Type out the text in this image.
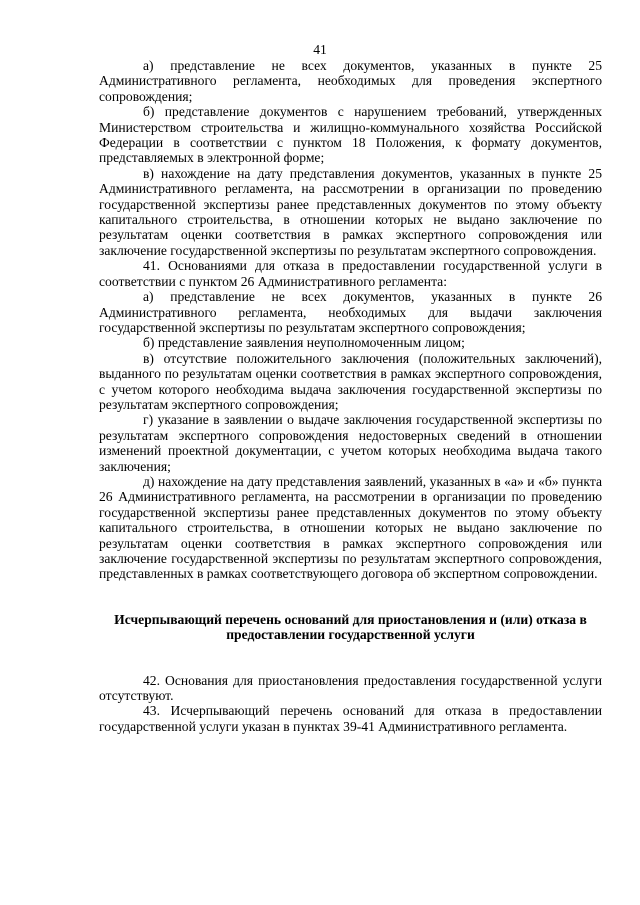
41

а) представление не всех документов, указанных в пункте 25 Административного регламента, необходимых для проведения экспертного сопровождения;

б) представление документов с нарушением требований, утвержденных Министерством строительства и жилищно-коммунального хозяйства Российской Федерации в соответствии с пунктом 18 Положения, к формату документов, представляемых в электронной форме;

в) нахождение на дату представления документов, указанных в пункте 25 Административного регламента, на рассмотрении в организации по проведению государственной экспертизы ранее представленных документов по этому объекту капитального строительства, в отношении которых не выдано заключение по результатам оценки соответствия в рамках экспертного сопровождения или заключение государственной экспертизы по результатам экспертного сопровождения.

41. Основаниями для отказа в предоставлении государственной услуги в соответствии с пунктом 26 Административного регламента:

а) представление не всех документов, указанных в пункте 26 Административного регламента, необходимых для выдачи заключения государственной экспертизы по результатам экспертного сопровождения;

б) представление заявления неуполномоченным лицом;

в) отсутствие положительного заключения (положительных заключений), выданного по результатам оценки соответствия в рамках экспертного сопровождения, с учетом которого необходима выдача заключения государственной экспертизы по результатам экспертного сопровождения;

г) указание в заявлении о выдаче заключения государственной экспертизы по результатам экспертного сопровождения недостоверных сведений в отношении изменений проектной документации, с учетом которых необходима выдача такого заключения;

д) нахождение на дату представления заявлений, указанных в «а» и «б» пункта 26 Административного регламента, на рассмотрении в организации по проведению государственной экспертизы ранее представленных документов по этому объекту капитального строительства, в отношении которых не выдано заключение по результатам оценки соответствия в рамках экспертного сопровождения или заключение государственной экспертизы по результатам экспертного сопровождения, представленных в рамках соответствующего договора об экспертном сопровождении.

Исчерпывающий перечень оснований для приостановления и (или) отказа в предоставлении государственной услуги

42. Основания для приостановления предоставления государственной услуги отсутствуют.

43. Исчерпывающий перечень оснований для отказа в предоставлении государственной услуги указан в пунктах 39-41 Административного регламента.
